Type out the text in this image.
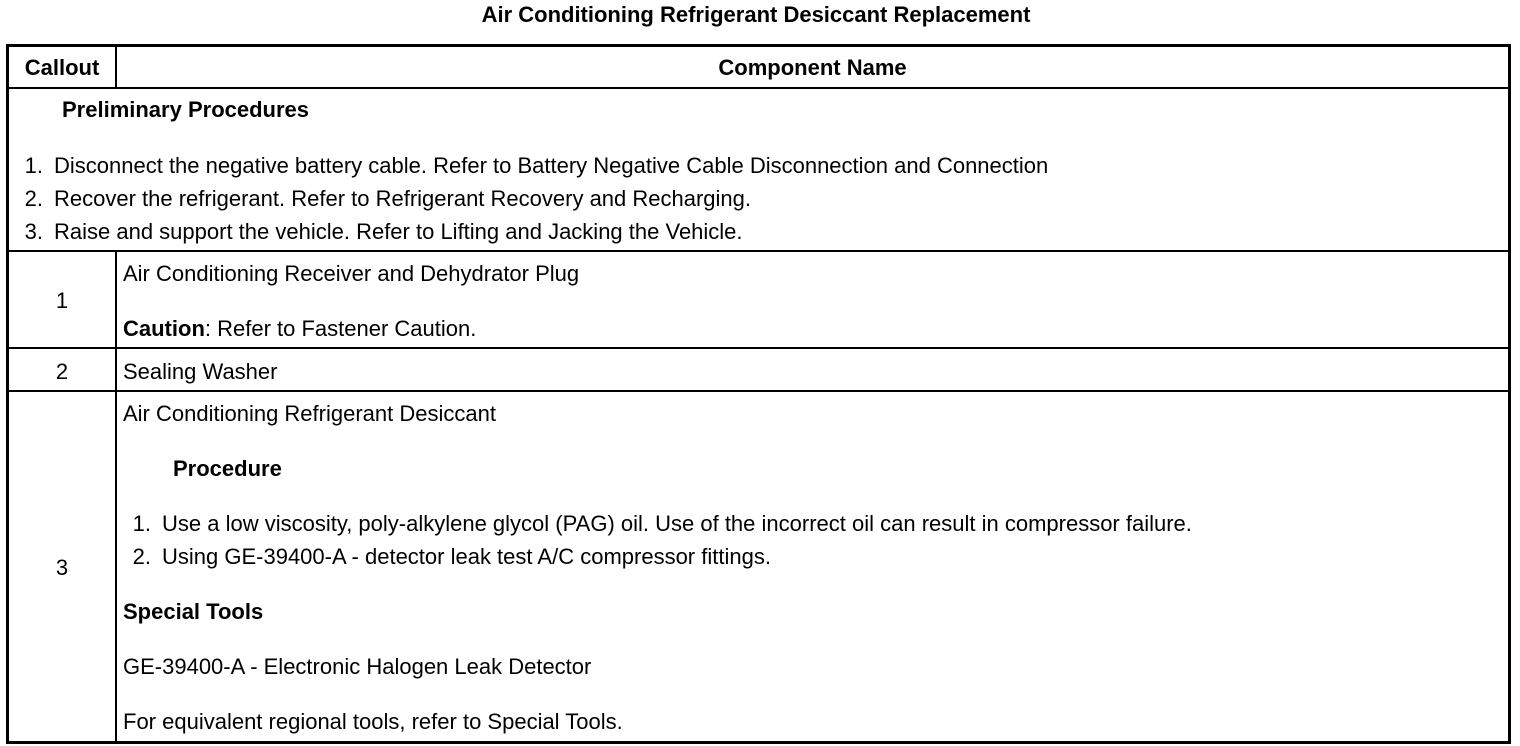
Air Conditioning Refrigerant Desiccant Replacement
Callout	Component Name
Preliminary Procedures
1. Disconnect the negative battery cable. Refer to Battery Negative Cable Disconnection and Connection
2. Recover the refrigerant. Refer to Refrigerant Recovery and Recharging.
3. Raise and support the vehicle. Refer to Lifting and Jacking the Vehicle.
1
Air Conditioning Receiver and Dehydrator Plug
Caution: Refer to Fastener Caution.
2	Sealing Washer
3
Air Conditioning Refrigerant Desiccant
Procedure
1. Use a low viscosity, poly-alkylene glycol (PAG) oil. Use of the incorrect oil can result in compressor failure.
2. Using GE-39400-A - detector leak test A/C compressor fittings.
Special Tools
GE-39400-A - Electronic Halogen Leak Detector
For equivalent regional tools, refer to Special Tools.
